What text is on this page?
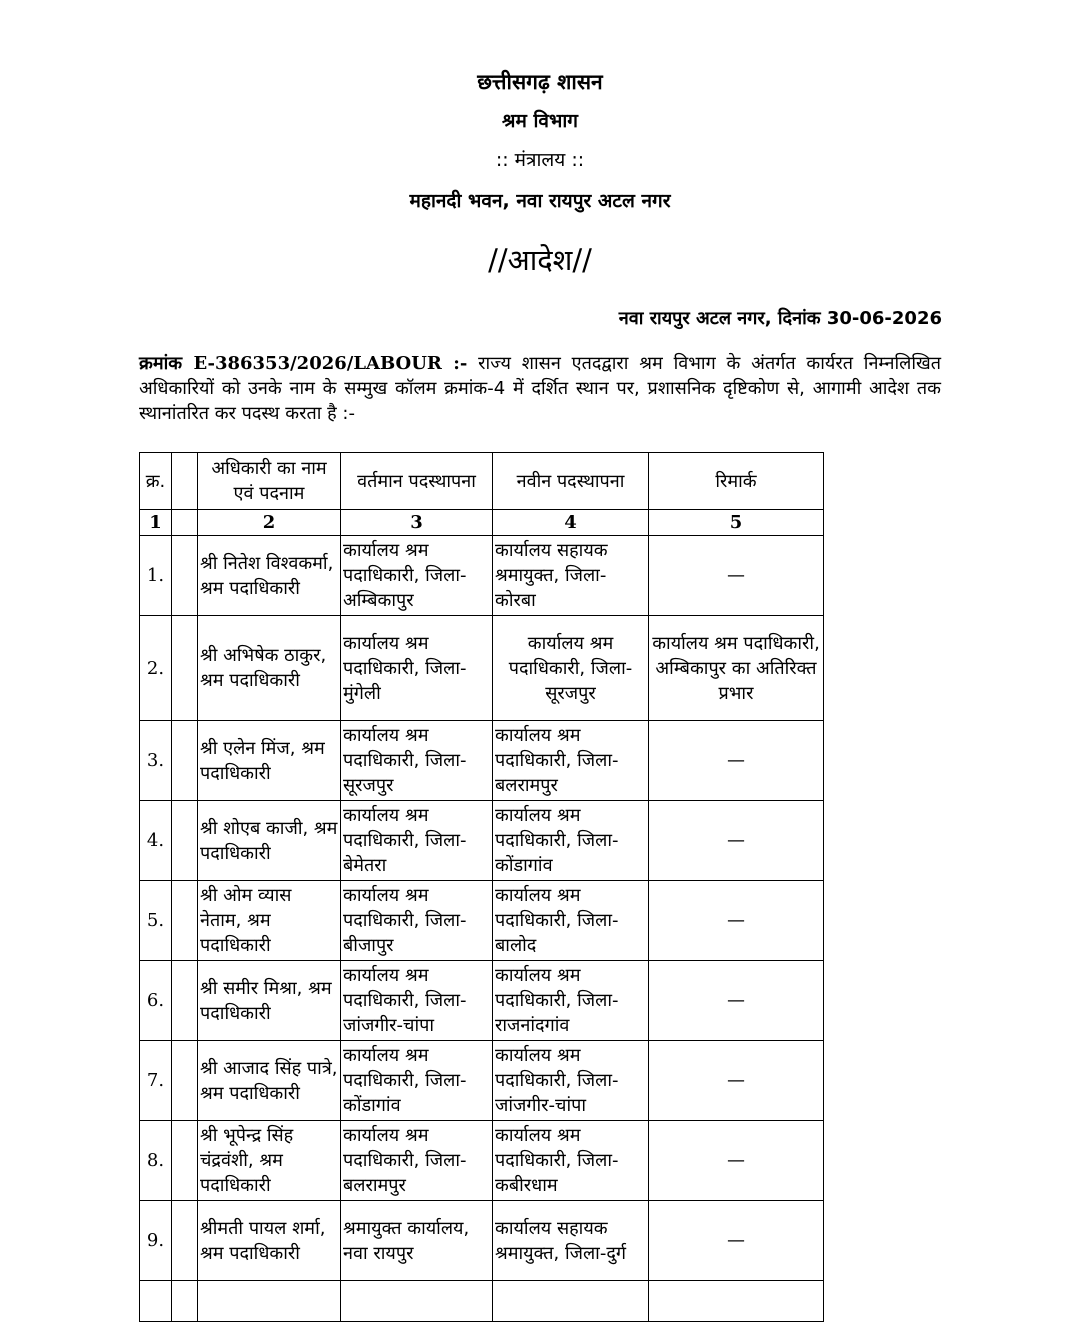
छत्तीसगढ़ शासन
श्रम विभाग
:: मंत्रालय ::
महानदी भवन, नवा रायपुर अटल नगर
//आदेश//
नवा रायपुर अटल नगर, दिनांक 30-06-2026
क्रमांक E-386353/2026/LABOUR :- राज्य शासन एतदद्वारा श्रम विभाग के अंतर्गत कार्यरत निम्नलिखित अधिकारियों को उनके नाम के सम्मुख कॉलम क्रमांक-4 में दर्शित स्थान पर, प्रशासनिक दृष्टिकोण से, आगामी आदेश तक स्थानांतरित कर पदस्थ करता है :-
क्र.		अधिकारी का नाम एवं पदनाम	वर्तमान पदस्थापना	नवीन पदस्थापना	रिमार्क
1		2	3	4	5
1.		श्री नितेश विश्वकर्मा, श्रम पदाधिकारी	कार्यालय श्रम पदाधिकारी, जिला-अम्बिकापुर	कार्यालय सहायक श्रमायुक्त, जिला-कोरबा	—
2.		श्री अभिषेक ठाकुर, श्रम पदाधिकारी	कार्यालय श्रम पदाधिकारी, जिला-मुंगेली	कार्यालय श्रम पदाधिकारी, जिला-सूरजपुर	कार्यालय श्रम पदाधिकारी, अम्बिकापुर का अतिरिक्त प्रभार
3.		श्री एलेन मिंज, श्रम पदाधिकारी	कार्यालय श्रम पदाधिकारी, जिला-सूरजपुर	कार्यालय श्रम पदाधिकारी, जिला-बलरामपुर	—
4.		श्री शोएब काजी, श्रम पदाधिकारी	कार्यालय श्रम पदाधिकारी, जिला-बेमेतरा	कार्यालय श्रम पदाधिकारी, जिला-कोंडागांव	—
5.		श्री ओम व्यास नेताम, श्रम पदाधिकारी	कार्यालय श्रम पदाधिकारी, जिला-बीजापुर	कार्यालय श्रम पदाधिकारी, जिला-बालोद	—
6.		श्री समीर मिश्रा, श्रम पदाधिकारी	कार्यालय श्रम पदाधिकारी, जिला-जांजगीर-चांपा	कार्यालय श्रम पदाधिकारी, जिला-राजनांदगांव	—
7.		श्री आजाद सिंह पात्रे, श्रम पदाधिकारी	कार्यालय श्रम पदाधिकारी, जिला-कोंडागांव	कार्यालय श्रम पदाधिकारी, जिला-जांजगीर-चांपा	—
8.		श्री भूपेन्द्र सिंह चंद्रवंशी, श्रम पदाधिकारी	कार्यालय श्रम पदाधिकारी, जिला-बलरामपुर	कार्यालय श्रम पदाधिकारी, जिला-कबीरधाम	—
9.		श्रीमती पायल शर्मा, श्रम पदाधिकारी	श्रमायुक्त कार्यालय, नवा रायपुर	कार्यालय सहायक श्रमायुक्त, जिला-दुर्ग	—
